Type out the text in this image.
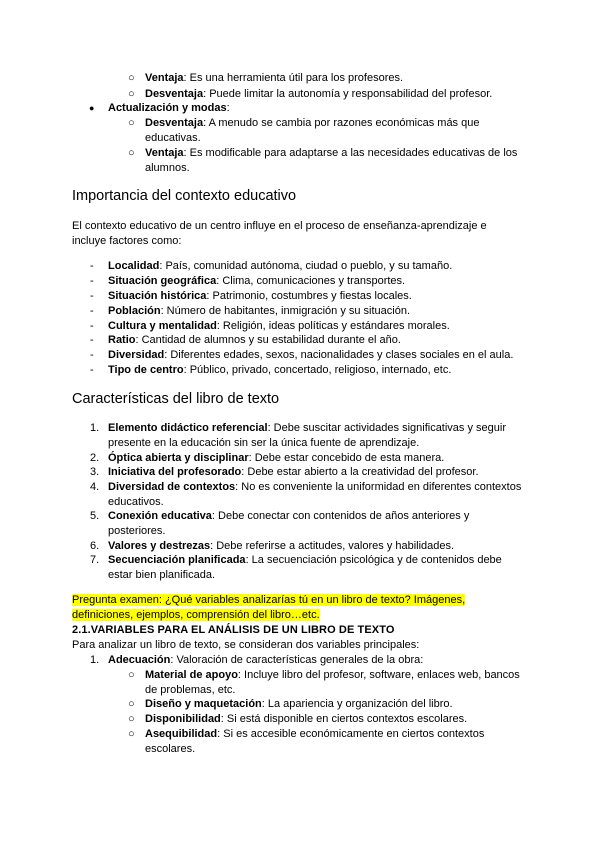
○ Ventaja: Es una herramienta útil para los profesores.
○ Desventaja: Puede limitar la autonomía y responsabilidad del profesor.
● Actualización y modas:
○ Desventaja: A menudo se cambia por razones económicas más que
educativas.
○ Ventaja: Es modificable para adaptarse a las necesidades educativas de los
alumnos.
Importancia del contexto educativo
El contexto educativo de un centro influye en el proceso de enseñanza-aprendizaje e
incluye factores como:
- Localidad: País, comunidad autónoma, ciudad o pueblo, y su tamaño.
- Situación geográfica: Clima, comunicaciones y transportes.
- Situación histórica: Patrimonio, costumbres y fiestas locales.
- Población: Número de habitantes, inmigración y su situación.
- Cultura y mentalidad: Religión, ideas políticas y estándares morales.
- Ratio: Cantidad de alumnos y su estabilidad durante el año.
- Diversidad: Diferentes edades, sexos, nacionalidades y clases sociales en el aula.
- Tipo de centro: Público, privado, concertado, religioso, internado, etc.
Características del libro de texto
1. Elemento didáctico referencial: Debe suscitar actividades significativas y seguir
presente en la educación sin ser la única fuente de aprendizaje.
2. Óptica abierta y disciplinar: Debe estar concebido de esta manera.
3. Iniciativa del profesorado: Debe estar abierto a la creatividad del profesor.
4. Diversidad de contextos: No es conveniente la uniformidad en diferentes contextos
educativos.
5. Conexión educativa: Debe conectar con contenidos de años anteriores y
posteriores.
6. Valores y destrezas: Debe referirse a actitudes, valores y habilidades.
7. Secuenciación planificada: La secuenciación psicológica y de contenidos debe
estar bien planificada.
Pregunta examen: ¿Qué variables analizarías tú en un libro de texto? Imágenes,
definiciones, ejemplos, comprensión del libro…etc.
2.1.VARIABLES PARA EL ANÁLISIS DE UN LIBRO DE TEXTO
Para analizar un libro de texto, se consideran dos variables principales:
1. Adecuación: Valoración de características generales de la obra:
○ Material de apoyo: Incluye libro del profesor, software, enlaces web, bancos
de problemas, etc.
○ Diseño y maquetación: La apariencia y organización del libro.
○ Disponibilidad: Si está disponible en ciertos contextos escolares.
○ Asequibilidad: Si es accesible económicamente en ciertos contextos
escolares.
